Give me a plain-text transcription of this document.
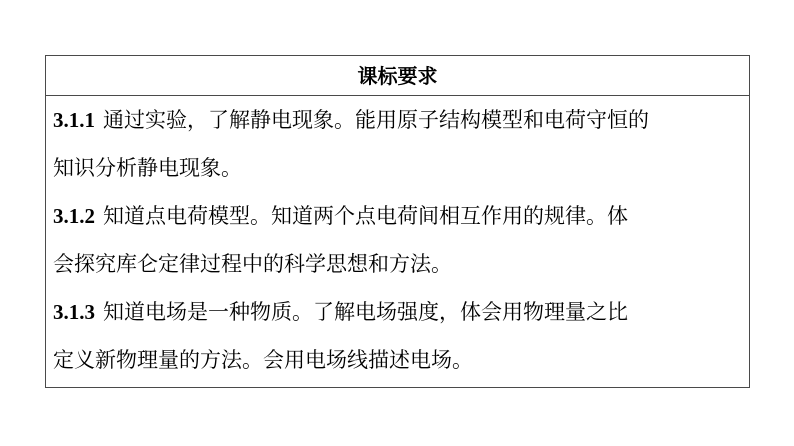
课标要求
3.1.1 通过实验，了解静电现象。能用原子结构模型和电荷守恒的
知识分析静电现象。
3.1.2 知道点电荷模型。知道两个点电荷间相互作用的规律。体
会探究库仑定律过程中的科学思想和方法。
3.1.3 知道电场是一种物质。了解电场强度，体会用物理量之比
定义新物理量的方法。会用电场线描述电场。
